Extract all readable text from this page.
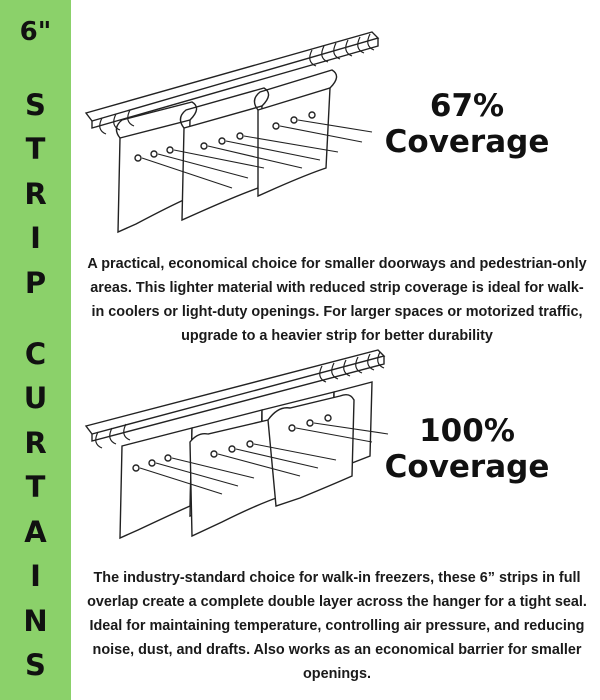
6"
S
T
R
I
P
C
U
R
T
A
I
N
S
67%
Coverage
A practical, economical choice for smaller doorways and pedestrian-only areas. This lighter material with reduced strip coverage is ideal for walk-in coolers or light-duty openings. For larger spaces or motorized traffic, upgrade to a heavier strip for better durability
100%
Coverage
The industry-standard choice for walk-in freezers, these 6” strips in full overlap create a complete double layer across the hanger for a tight seal. Ideal for maintaining temperature, controlling air pressure, and reducing noise, dust, and drafts. Also works as an economical barrier for smaller openings.
